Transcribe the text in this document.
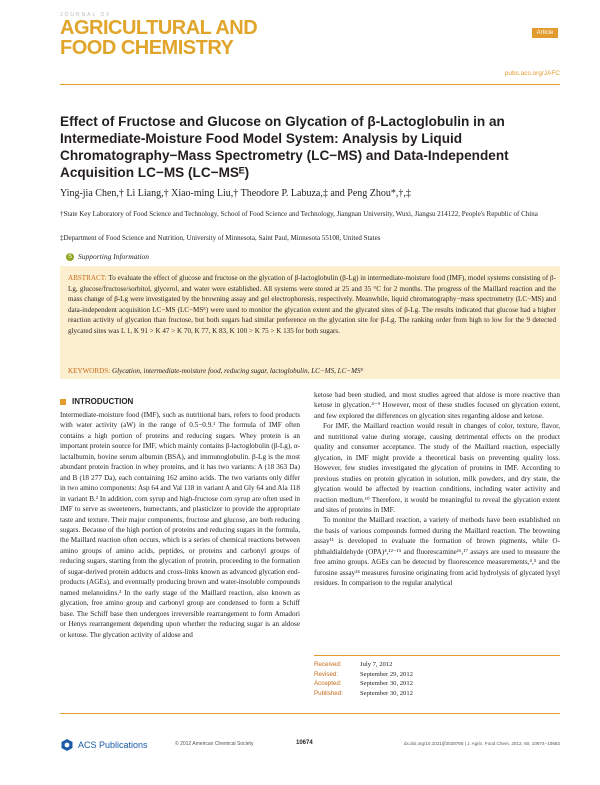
JOURNAL OF
AGRICULTURAL AND
FOOD CHEMISTRY
Article
pubs.acs.org/JAFC
Effect of Fructose and Glucose on Glycation of β-Lactoglobulin in an Intermediate-Moisture Food Model System: Analysis by Liquid Chromatography−Mass Spectrometry (LC−MS) and Data-Independent Acquisition LC−MS (LC−MSᴱ)
Ying-jia Chen,† Li Liang,† Xiao-ming Liu,† Theodore P. Labuza,‡ and Peng Zhou*,†,‡
†State Key Laboratory of Food Science and Technology, School of Food Science and Technology, Jiangnan University, Wuxi, Jiangsu 214122, People's Republic of China
‡Department of Food Science and Nutrition, University of Minnesota, Saint Paul, Minnesota 55108, United States
S Supporting Information
ABSTRACT: To evaluate the effect of glucose and fructose on the glycation of β-lactoglobulin (β-Lg) in intermediate-moisture food (IMF), model systems consisting of β-Lg, glucose/fructose/sorbitol, glycerol, and water were established. All systems were stored at 25 and 35 °C for 2 months. The progress of the Maillard reaction and the mass change of β-Lg were investigated by the browning assay and gel electrophoresis, respectively. Meanwhile, liquid chromatography−mass spectrometry (LC−MS) and data-independent acquisition LC−MS (LC−MSᴱ) were used to monitor the glycation extent and the glycated sites of β-Lg. The results indicated that glucose had a higher reaction activity of glycation than fructose, but both sugars had similar preference on the glycation site for β-Lg. The ranking order from high to low for the 9 detected glycated sites was L 1, K 91 > K 47 > K 70, K 77, K 83, K 100 > K 75 > K 135 for both sugars.
KEYWORDS: Glycation, intermediate-moisture food, reducing sugar, lactoglobulin, LC−MS, LC−MSᴱ
INTRODUCTION

Intermediate-moisture food (IMF), such as nutritional bars, refers to food products with water activity (aW) in the range of 0.5−0.9.¹ The formula of IMF often contains a high portion of proteins and reducing sugars. Whey protein is an important protein source for IMF, which mainly contains β-lactoglobulin (β-Lg), α-lactalbumin, bovine serum albumin (BSA), and immunoglobulin. β-Lg is the most abundant protein fraction in whey proteins, and it has two variants: A (18 363 Da) and B (18 277 Da), each containing 162 amino acids. The two variants only differ in two amino components: Asp 64 and Val 118 in variant A and Gly 64 and Ala 118 in variant B.² In addition, corn syrup and high-fructose corn syrup are often used in IMF to serve as sweeteners, humectants, and plasticizer to provide the appropriate taste and texture. Their major components, fructose and glucose, are both reducing sugars. Because of the high portion of proteins and reducing sugars in the formula, the Maillard reaction often occurs, which is a series of chemical reactions between amino groups of amino acids, peptides, or proteins and carbonyl groups of reducing sugars, starting from the glycation of protein, proceeding to the formation of sugar-derived protein adducts and cross-links known as advanced glycation end-products (AGEs), and eventually producing brown and water-insoluble compounds named melanoidins.³ In the early stage of the Maillard reaction, also known as glycation, free amino group and carbonyl group are condensed to form a Schiff base. The Schiff base then undergoes irreversible rearrangement to form Amadori or Henys rearrangement depending upon whether the reducing sugar is an aldose or ketose. The glycation activity of aldose and

ketose had been studied, and most studies agreed that aldose is more reactive than ketose in glycation.⁴⁻⁹ However, most of these studies focused on glycation extent, and few explored the differences on glycation sites regarding aldose and ketose.

For IMF, the Maillard reaction would result in changes of color, texture, flavor, and nutritional value during storage, causing detrimental effects on the product quality and consumer acceptance. The study of the Maillard reaction, especially glycation, in IMF might provide a theoretical basis on preventing quality loss. However, few studies investigated the glycation of proteins in IMF. According to previous studies on protein glycation in solution, milk powders, and dry state, the glycation would be affected by reaction conditions, including water activity and reaction medium.¹⁰ Therefore, it would be meaningful to reveal the glycation extent and sites of proteins in IMF.

To monitor the Maillard reaction, a variety of methods have been established on the basis of various compounds formed during the Maillard reaction. The browning assay¹¹ is developed to evaluate the formation of brown pigments, while O-phthaldialdehyde (OPA)⁴,¹²⁻¹⁵ and fluorescamine¹⁶,¹⁷ assays are used to measure the free amino groups. AGEs can be detected by fluorescence measurements,⁴,⁵ and the furosine assay¹⁴ measures furosine originating from acid hydrolysis of glycated lysyl residues. In comparison to the regular analytical

Received:	July 7, 2012
Revised:	September 29, 2012
Accepted:	September 30, 2012
Published:	September 30, 2012
ACS Publications	© 2012 American Chemical Society	10674	dx.doi.org/10.1021/jf3028765 | J. Agric. Food Chem. 2012, 60, 10674−10682
